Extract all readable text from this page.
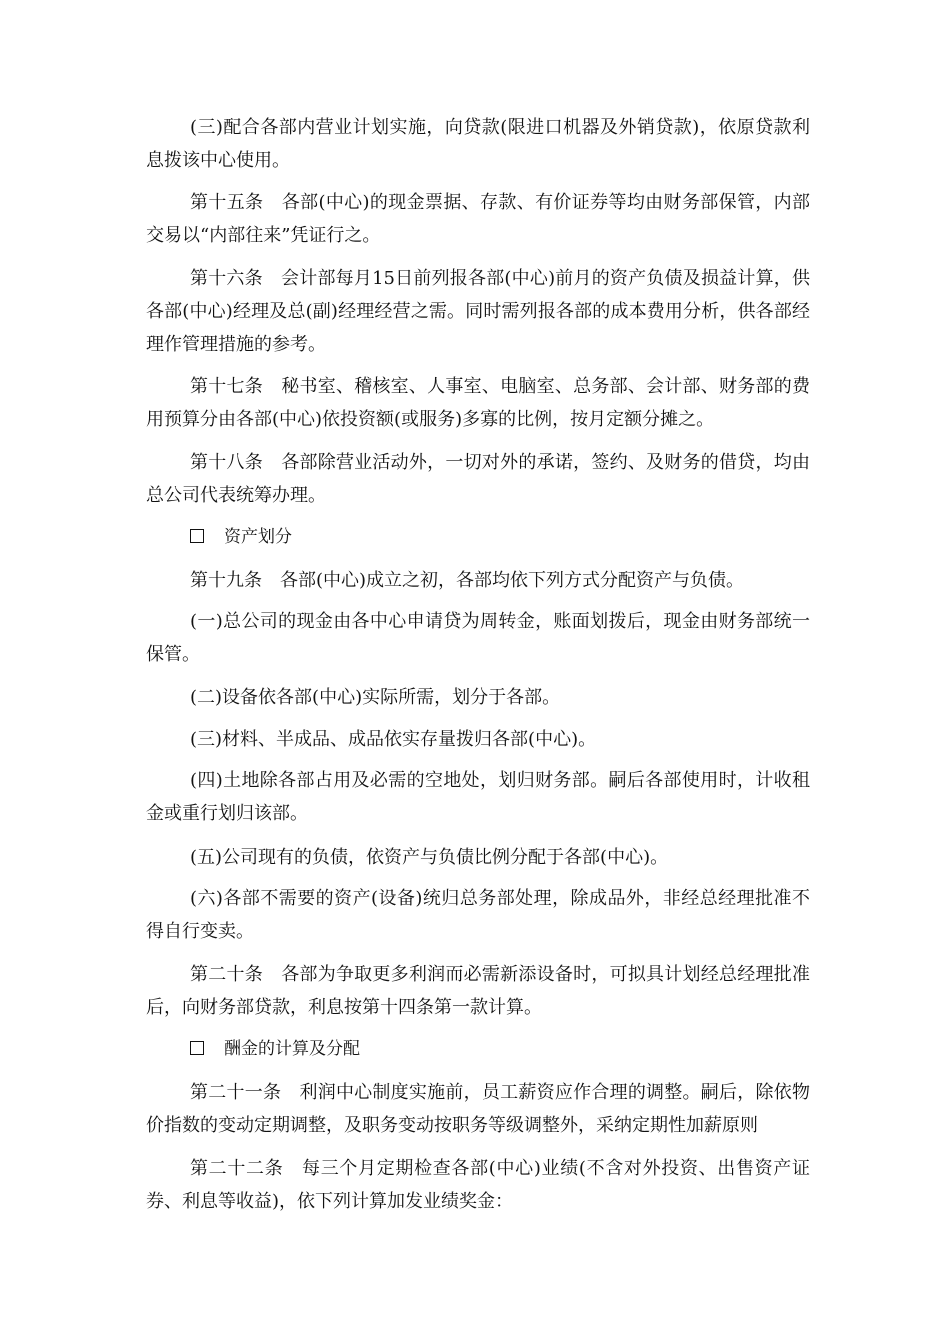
(三)配合各部内营业计划实施，向贷款(限进口机器及外销贷款)，依原贷款利息拨该中心使用。

第十五条　各部(中心)的现金票据、存款、有价证券等均由财务部保管，内部交易以“内部往来”凭证行之。

第十六条　会计部每月15日前列报各部(中心)前月的资产负债及损益计算，供各部(中心)经理及总(副)经理经营之需。同时需列报各部的成本费用分析，供各部经理作管理措施的参考。

第十七条　秘书室、稽核室、人事室、电脑室、总务部、会计部、财务部的费用预算分由各部(中心)依投资额(或服务)多寡的比例，按月定额分摊之。

第十八条　各部除营业活动外，一切对外的承诺，签约、及财务的借贷，均由总公司代表统筹办理。

资产划分

第十九条　各部(中心)成立之初，各部均依下列方式分配资产与负债。

(一)总公司的现金由各中心申请贷为周转金，账面划拨后，现金由财务部统一保管。

(二)设备依各部(中心)实际所需，划分于各部。

(三)材料、半成品、成品依实存量拨归各部(中心)。

(四)土地除各部占用及必需的空地处，划归财务部。嗣后各部使用时，计收租金或重行划归该部。

(五)公司现有的负债，依资产与负债比例分配于各部(中心)。

(六)各部不需要的资产(设备)统归总务部处理，除成品外，非经总经理批准不得自行变卖。

第二十条　各部为争取更多利润而必需新添设备时，可拟具计划经总经理批准后，向财务部贷款，利息按第十四条第一款计算。

酬金的计算及分配

第二十一条　利润中心制度实施前，员工薪资应作合理的调整。嗣后，除依物价指数的变动定期调整，及职务变动按职务等级调整外，采纳定期性加薪原则

第二十二条　每三个月定期检查各部(中心)业绩(不含对外投资、出售资产证券、利息等收益)，依下列计算加发业绩奖金：
